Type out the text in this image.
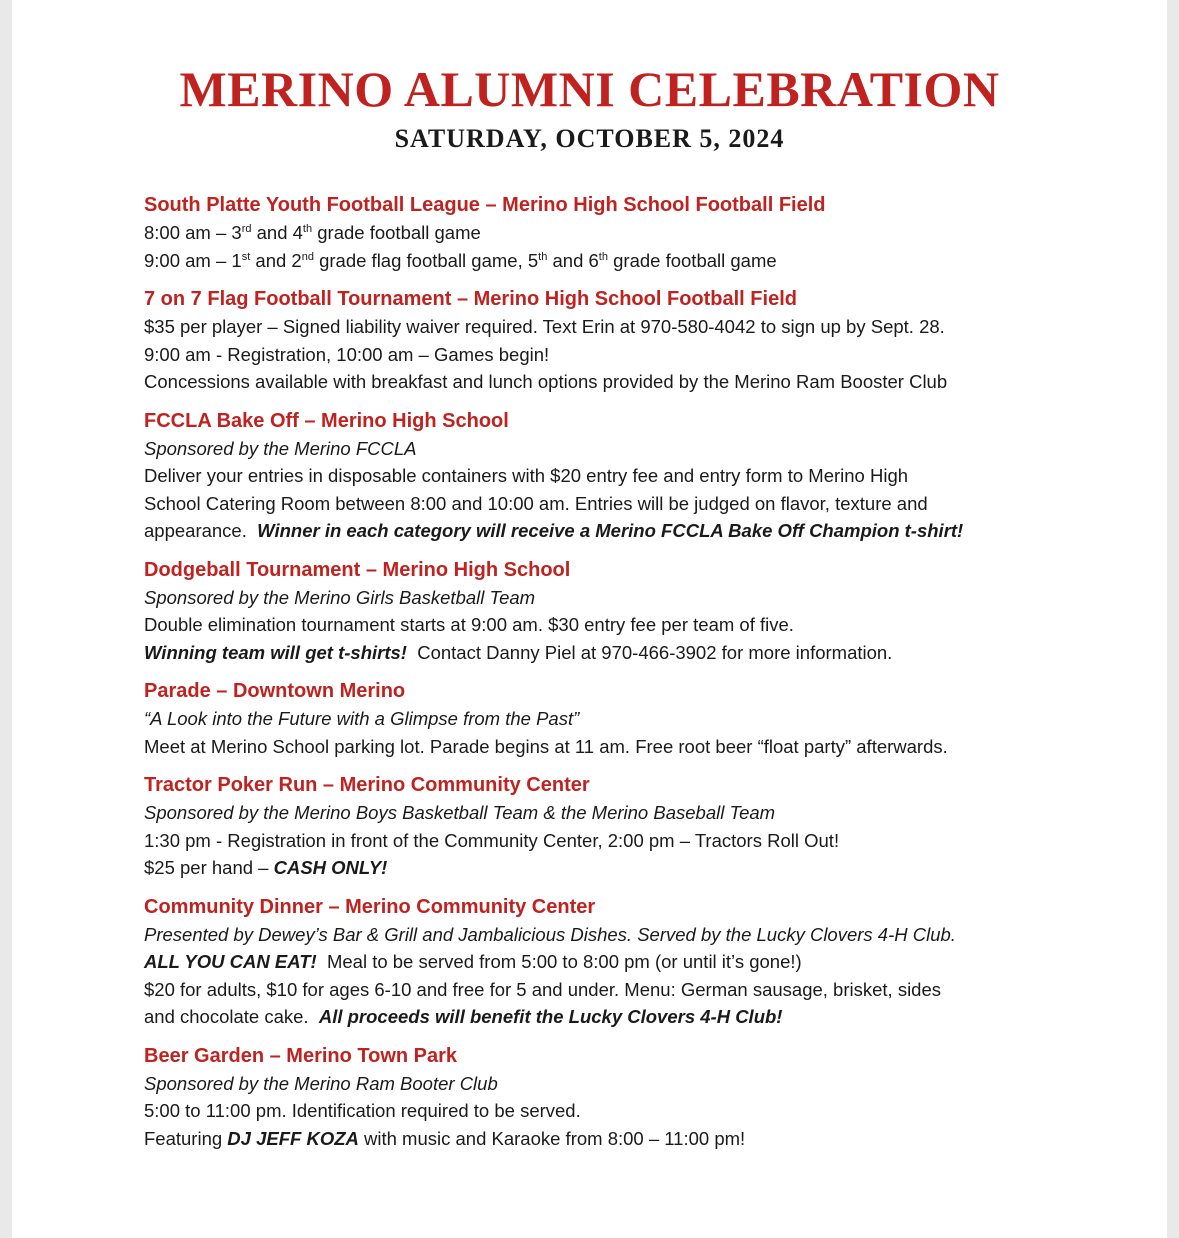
MERINO ALUMNI CELEBRATION
SATURDAY, OCTOBER 5, 2024
South Platte Youth Football League – Merino High School Football Field
8:00 am – 3rd and 4th grade football game
9:00 am – 1st and 2nd grade flag football game, 5th and 6th grade football game
7 on 7 Flag Football Tournament – Merino High School Football Field
$35 per player – Signed liability waiver required. Text Erin at 970-580-4042 to sign up by Sept. 28.
9:00 am - Registration, 10:00 am – Games begin!
Concessions available with breakfast and lunch options provided by the Merino Ram Booster Club
FCCLA Bake Off – Merino High School
Sponsored by the Merino FCCLA
Deliver your entries in disposable containers with $20 entry fee and entry form to Merino High
School Catering Room between 8:00 and 10:00 am. Entries will be judged on flavor, texture and
appearance.  Winner in each category will receive a Merino FCCLA Bake Off Champion t-shirt!
Dodgeball Tournament – Merino High School
Sponsored by the Merino Girls Basketball Team
Double elimination tournament starts at 9:00 am. $30 entry fee per team of five.
Winning team will get t-shirts!  Contact Danny Piel at 970-466-3902 for more information.
Parade – Downtown Merino
“A Look into the Future with a Glimpse from the Past”
Meet at Merino School parking lot. Parade begins at 11 am. Free root beer “float party” afterwards.
Tractor Poker Run – Merino Community Center
Sponsored by the Merino Boys Basketball Team & the Merino Baseball Team
1:30 pm - Registration in front of the Community Center, 2:00 pm – Tractors Roll Out!
$25 per hand – CASH ONLY!
Community Dinner – Merino Community Center
Presented by Dewey’s Bar & Grill and Jambalicious Dishes. Served by the Lucky Clovers 4-H Club.
ALL YOU CAN EAT!  Meal to be served from 5:00 to 8:00 pm (or until it’s gone!)
$20 for adults, $10 for ages 6-10 and free for 5 and under. Menu: German sausage, brisket, sides
and chocolate cake.  All proceeds will benefit the Lucky Clovers 4-H Club!
Beer Garden – Merino Town Park
Sponsored by the Merino Ram Booter Club
5:00 to 11:00 pm. Identification required to be served.
Featuring DJ JEFF KOZA with music and Karaoke from 8:00 – 11:00 pm!
